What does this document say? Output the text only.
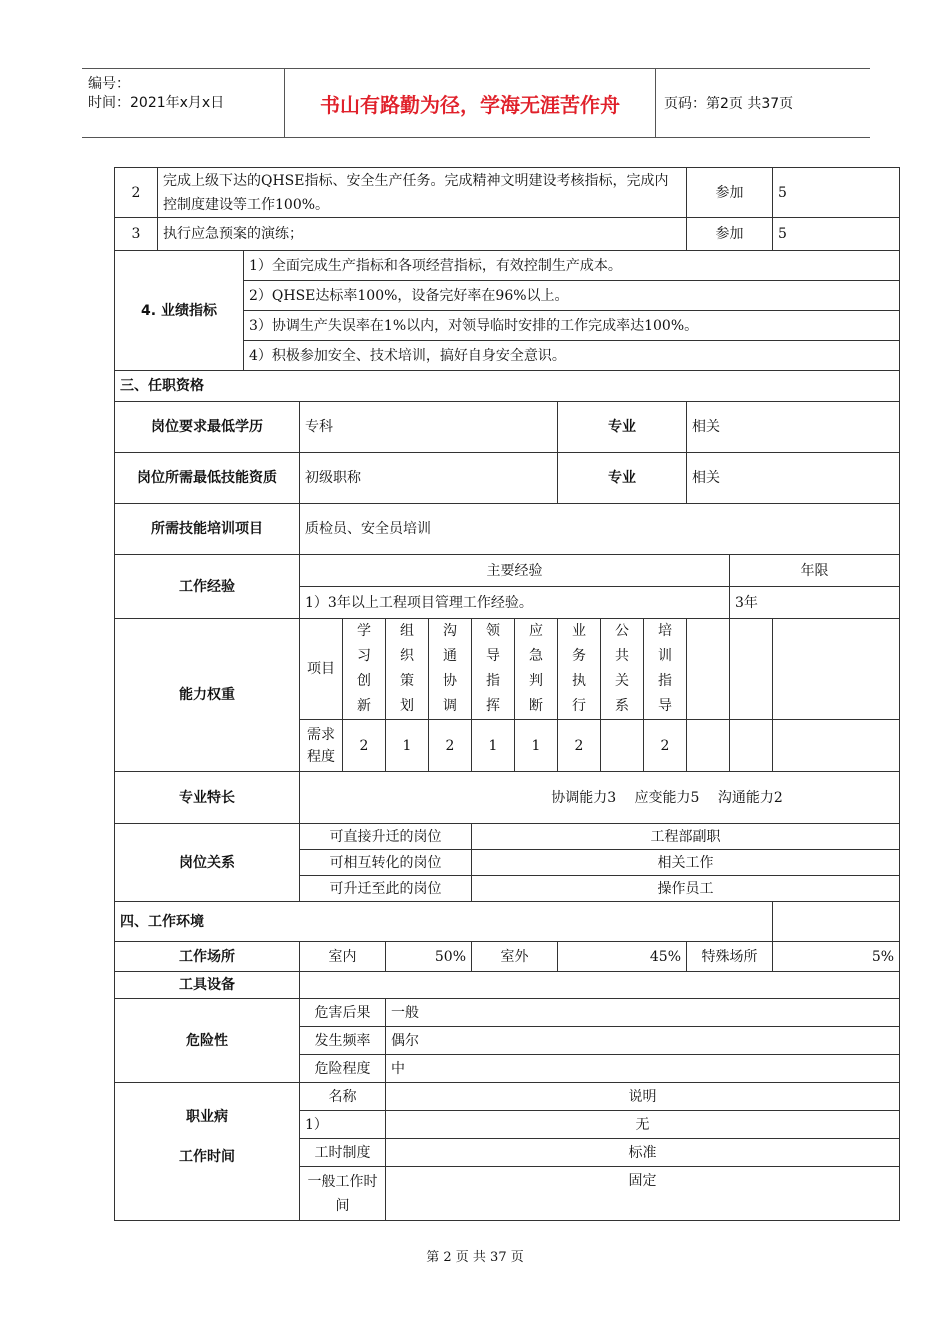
编号：
时间：2021年x月x日	书山有路勤为径，学海无涯苦作舟	页码：第2页 共37页
2	完成上级下达的QHSE指标、安全生产任务。完成精神文明建设考核指标，完成内控制度建设等工作100%。											参加		5
3	执行应急预案的演练；											参加		5
4. 业绩指标		1）全面完成生产指标和各项经营指标，有效控制生产成本。												
		2）QHSE达标率100%，设备完好率在96%以上。												
		3）协调生产失误率在1%以内，对领导临时安排的工作完成率达100%。												
		4）积极参加安全、技术培训，搞好自身安全意识。												
三、任职资格														
岗位要求最低学历			专科						专业			相关		
岗位所需最低技能资质			初级职称						专业			相关		
所需技能培训项目			质检员、安全员培训											
工作经验			主要经验										年限	
			1）3年以上工程项目管理工作经验。										3年	
能力权重			项目	学习创新	组织策划	沟通协调	领导指挥	应急判断	业务执行	公共关系	培训指导			

			需求程度	2	1	2	1	1	2		2			
专业特长			协调能力3　 应变能力5　 沟通能力2											
岗位关系			可直接升迁的岗位				工程部副职							
			可相互转化的岗位				相关工作							
			可升迁至此的岗位				操作员工							
四、工作环境														
工作场所			室内		50%		室外		45%			特殊场所		5%
工具设备														
危险性			危害后果		一般									
			发生频率		偶尔									
			危险程度		中									

职业病
工作时间			名称		说明									
			1）		无									
			工时制度		标准									
			一般工作时间		固定									
第 2 页 共 37 页
